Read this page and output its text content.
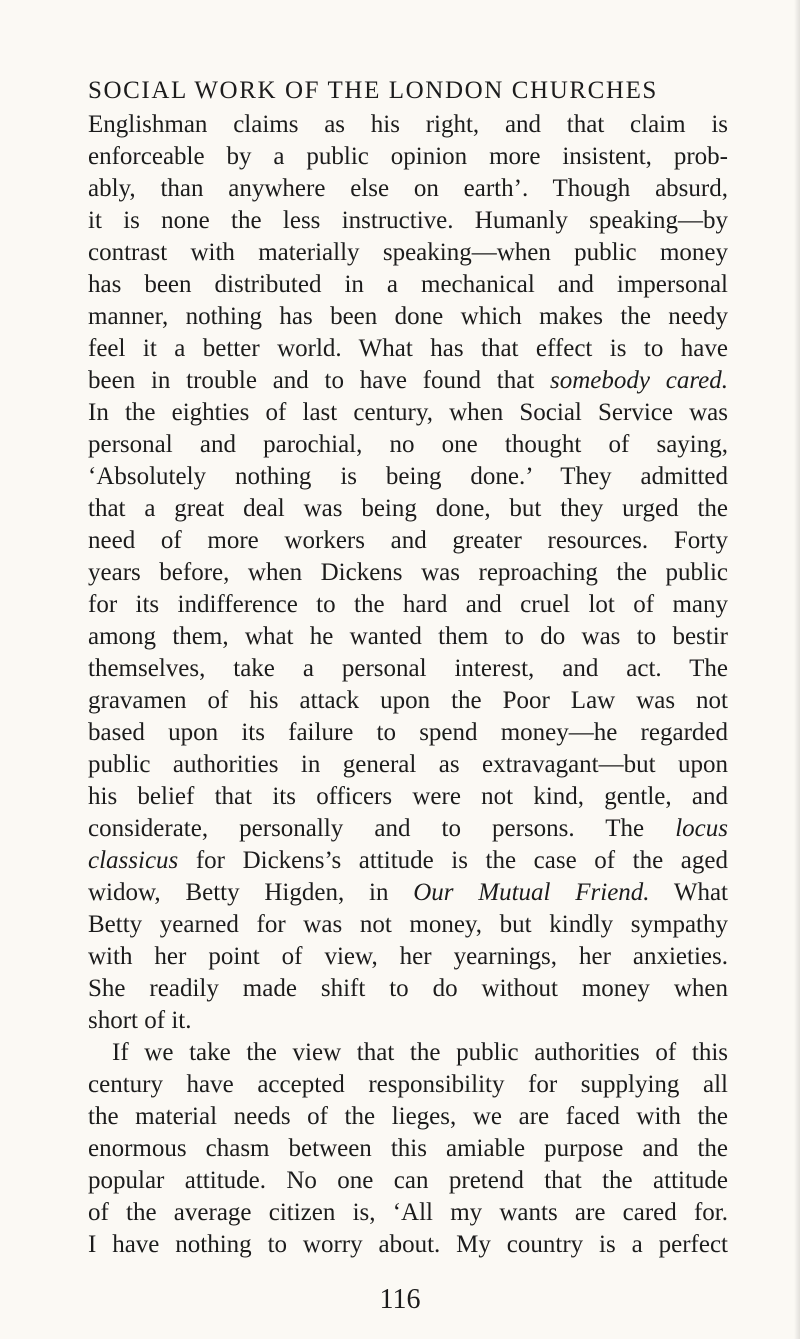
SOCIAL WORK OF THE LONDON CHURCHES
Englishman claims as his right, and that claim is
enforceable by a public opinion more insistent, prob-
ably, than anywhere else on earth’. Though absurd,
it is none the less instructive. Humanly speaking—by
contrast with materially speaking—when public money
has been distributed in a mechanical and impersonal
manner, nothing has been done which makes the needy
feel it a better world. What has that effect is to have
been in trouble and to have found that somebody cared.
In the eighties of last century, when Social Service was
personal and parochial, no one thought of saying,
‘Absolutely nothing is being done.’ They admitted
that a great deal was being done, but they urged the
need of more workers and greater resources. Forty
years before, when Dickens was reproaching the public
for its indifference to the hard and cruel lot of many
among them, what he wanted them to do was to bestir
themselves, take a personal interest, and act. The
gravamen of his attack upon the Poor Law was not
based upon its failure to spend money—he regarded
public authorities in general as extravagant—but upon
his belief that its officers were not kind, gentle, and
considerate, personally and to persons. The locus
classicus for Dickens’s attitude is the case of the aged
widow, Betty Higden, in Our Mutual Friend. What
Betty yearned for was not money, but kindly sympathy
with her point of view, her yearnings, her anxieties.
She readily made shift to do without money when
short of it.
If we take the view that the public authorities of this
century have accepted responsibility for supplying all
the material needs of the lieges, we are faced with the
enormous chasm between this amiable purpose and the
popular attitude. No one can pretend that the attitude
of the average citizen is, ‘All my wants are cared for.
I have nothing to worry about. My country is a perfect
116
